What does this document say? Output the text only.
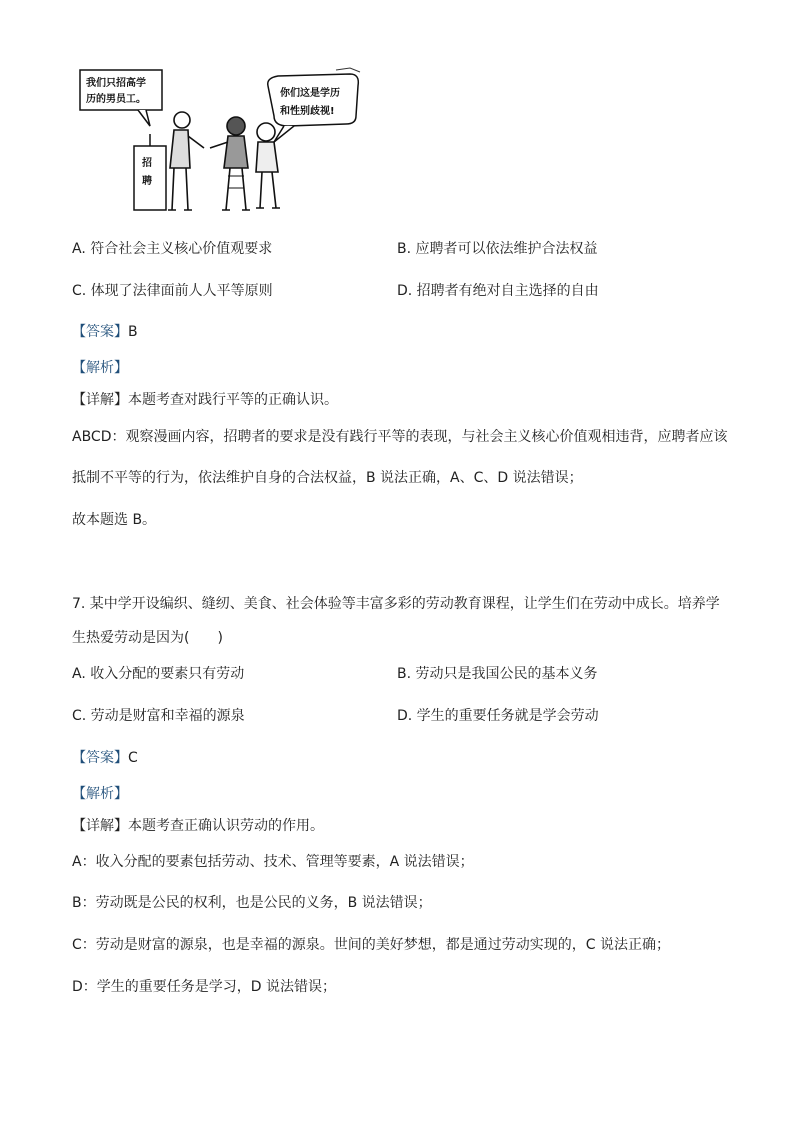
我们只招高学
历的男员工。
你们这是学历
和性别歧视!
招
聘
A. 符合社会主义核心价值观要求	B. 应聘者可以依法维护合法权益
C. 体现了法律面前人人平等原则	D. 招聘者有绝对自主选择的自由
【答案】B
【解析】
【详解】本题考查对践行平等的正确认识。
ABCD：观察漫画内容，招聘者的要求是没有践行平等的表现，与社会主义核心价值观相违背，应聘者应该
抵制不平等的行为，依法维护自身的合法权益，B 说法正确，A、C、D 说法错误；
故本题选 B。
7. 某中学开设编织、缝纫、美食、社会体验等丰富多彩的劳动教育课程，让学生们在劳动中成长。培养学
生热爱劳动是因为(　　)
A. 收入分配的要素只有劳动	B. 劳动只是我国公民的基本义务
C. 劳动是财富和幸福的源泉	D. 学生的重要任务就是学会劳动
【答案】C
【解析】
【详解】本题考查正确认识劳动的作用。
A：收入分配的要素包括劳动、技术、管理等要素，A 说法错误；
B：劳动既是公民的权利，也是公民的义务，B 说法错误；
C：劳动是财富的源泉，也是幸福的源泉。世间的美好梦想，都是通过劳动实现的，C 说法正确；
D：学生的重要任务是学习，D 说法错误；
